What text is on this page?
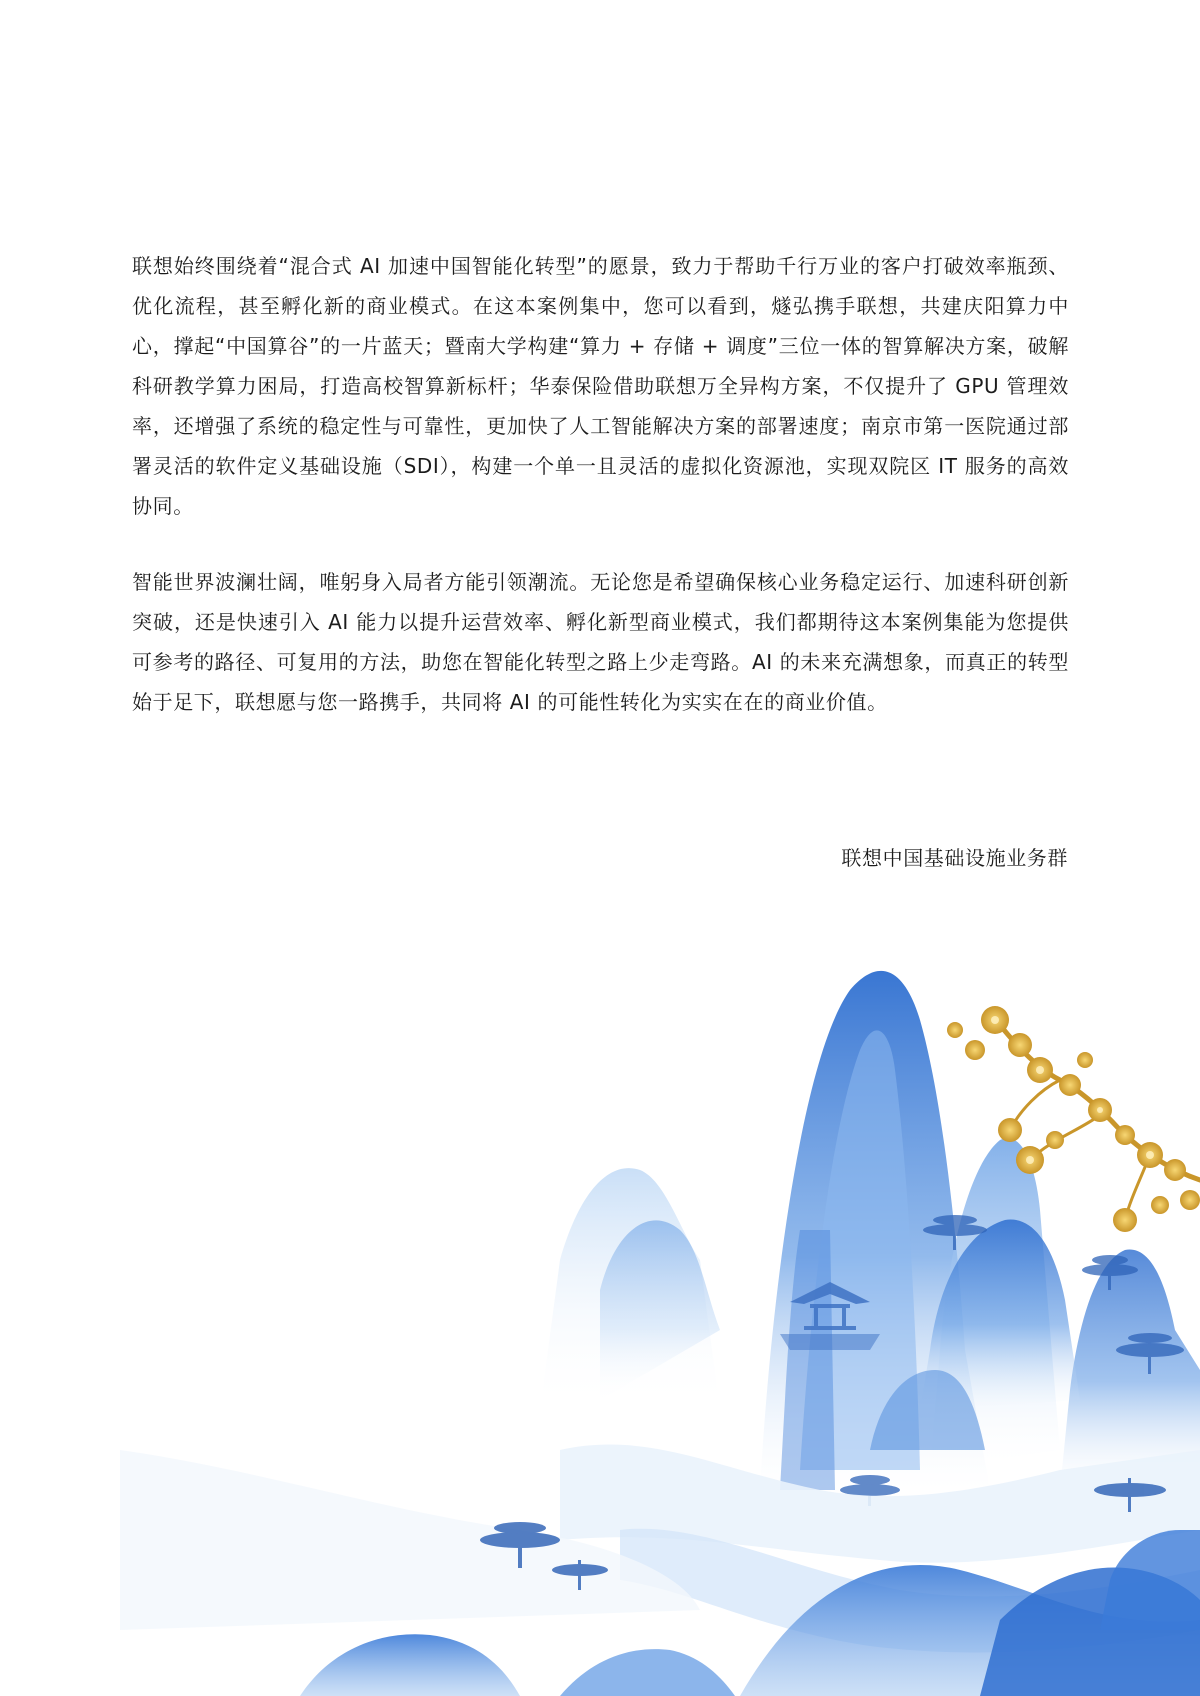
联想始终围绕着“混合式 AI 加速中国智能化转型”的愿景，致力于帮助千行万业的客户打破效率瓶颈、优化流程，甚至孵化新的商业模式。在这本案例集中，您可以看到，燧弘携手联想，共建庆阳算力中心，撑起“中国算谷”的一片蓝天；暨南大学构建“算力 + 存储 + 调度”三位一体的智算解决方案，破解科研教学算力困局，打造高校智算新标杆；华泰保险借助联想万全异构方案，不仅提升了 GPU 管理效率，还增强了系统的稳定性与可靠性，更加快了人工智能解决方案的部署速度；南京市第一医院通过部署灵活的软件定义基础设施（SDI），构建一个单一且灵活的虚拟化资源池，实现双院区 IT 服务的高效协同。

智能世界波澜壮阔，唯躬身入局者方能引领潮流。无论您是希望确保核心业务稳定运行、加速科研创新突破，还是快速引入 AI 能力以提升运营效率、孵化新型商业模式，我们都期待这本案例集能为您提供可参考的路径、可复用的方法，助您在智能化转型之路上少走弯路。AI 的未来充满想象，而真正的转型始于足下，联想愿与您一路携手，共同将 AI 的可能性转化为实实在在的商业价值。

联想中国基础设施业务群
